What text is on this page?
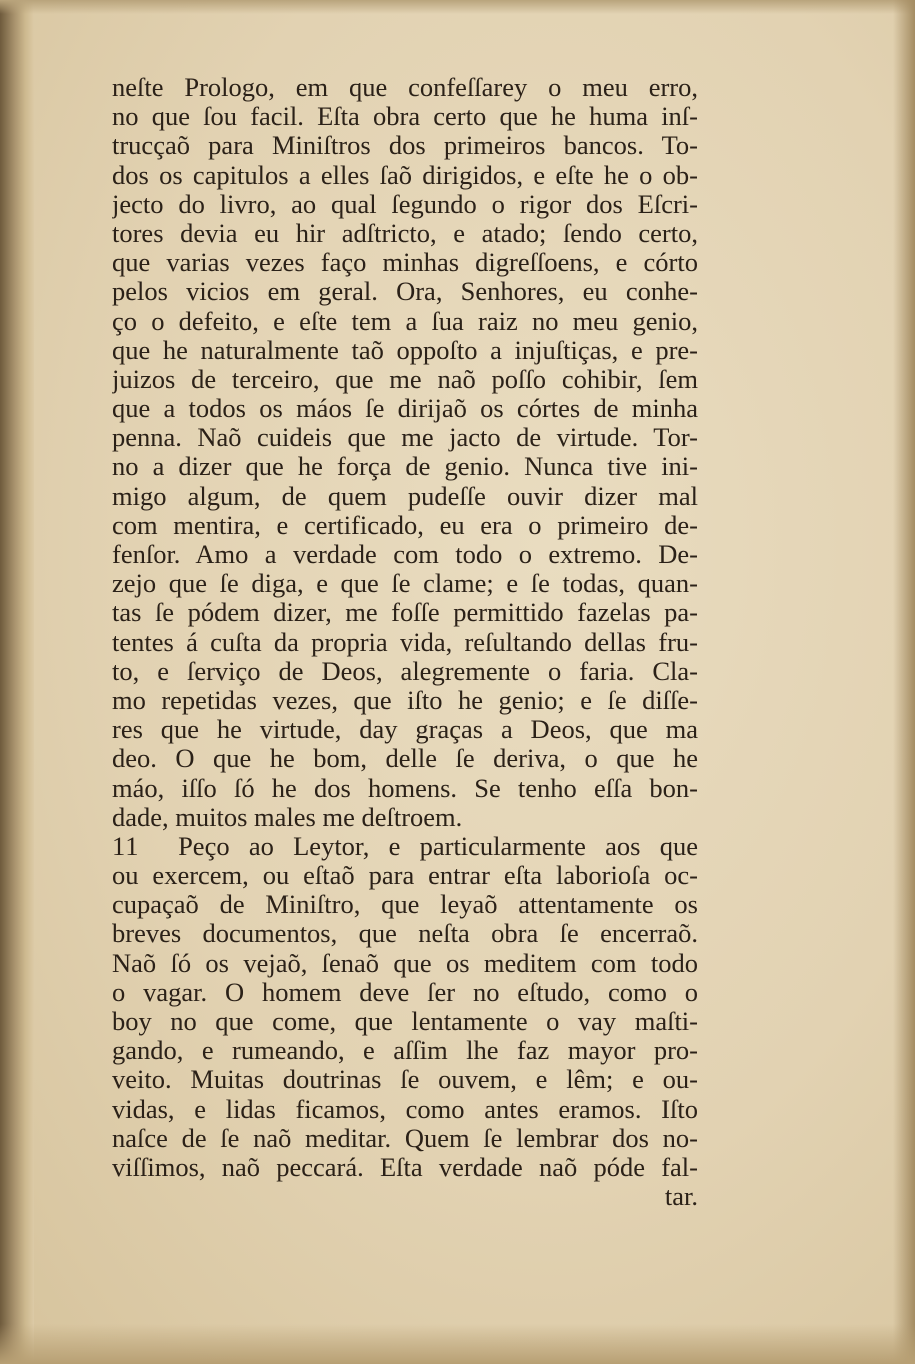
neſte Prologo, em que confeſſarey o meu erro,
no que ſou facil. Eſta obra certo que he huma inſ-
trucçaõ para Miniſtros dos primeiros bancos. To-
dos os capitulos a elles ſaõ dirigidos, e eſte he o ob-
jecto do livro, ao qual ſegundo o rigor dos Eſcri-
tores devia eu hir adſtricto, e atado; ſendo certo,
que varias vezes faço minhas digreſſoens, e córto
pelos vicios em geral. Ora, Senhores, eu conhe-
ço o defeito, e eſte tem a ſua raiz no meu genio,
que he naturalmente taõ oppoſto a injuſtiças, e pre-
juizos de terceiro, que me naõ poſſo cohibir, ſem
que a todos os máos ſe dirijaõ os córtes de minha
penna. Naõ cuideis que me jacto de virtude. Tor-
no a dizer que he força de genio. Nunca tive ini-
migo algum, de quem pudeſſe ouvir dizer mal
com mentira, e certificado, eu era o primeiro de-
fenſor. Amo a verdade com todo o extremo. De-
zejo que ſe diga, e que ſe clame; e ſe todas, quan-
tas ſe pódem dizer, me foſſe permittido fazelas pa-
tentes á cuſta da propria vida, reſultando dellas fru-
to, e ſerviço de Deos, alegremente o faria. Cla-
mo repetidas vezes, que iſto he genio; e ſe diſſe-
res que he virtude, day graças a Deos, que ma
deo. O que he bom, delle ſe deriva, o que he
máo, iſſo ſó he dos homens. Se tenho eſſa bon-
dade, muitos males me deſtroem.
11 Peço ao Leytor, e particularmente aos que
ou exercem, ou eſtaõ para entrar eſta laborioſa oc-
cupaçaõ de Miniſtro, que leyaõ attentamente os
breves documentos, que neſta obra ſe encerraõ.
Naõ ſó os vejaõ, ſenaõ que os meditem com todo
o vagar. O homem deve ſer no eſtudo, como o
boy no que come, que lentamente o vay maſti-
gando, e rumeando, e aſſim lhe faz mayor pro-
veito. Muitas doutrinas ſe ouvem, e lêm; e ou-
vidas, e lidas ficamos, como antes eramos. Iſto
naſce de ſe naõ meditar. Quem ſe lembrar dos no-
viſſimos, naõ peccará. Eſta verdade naõ póde fal-
tar.
